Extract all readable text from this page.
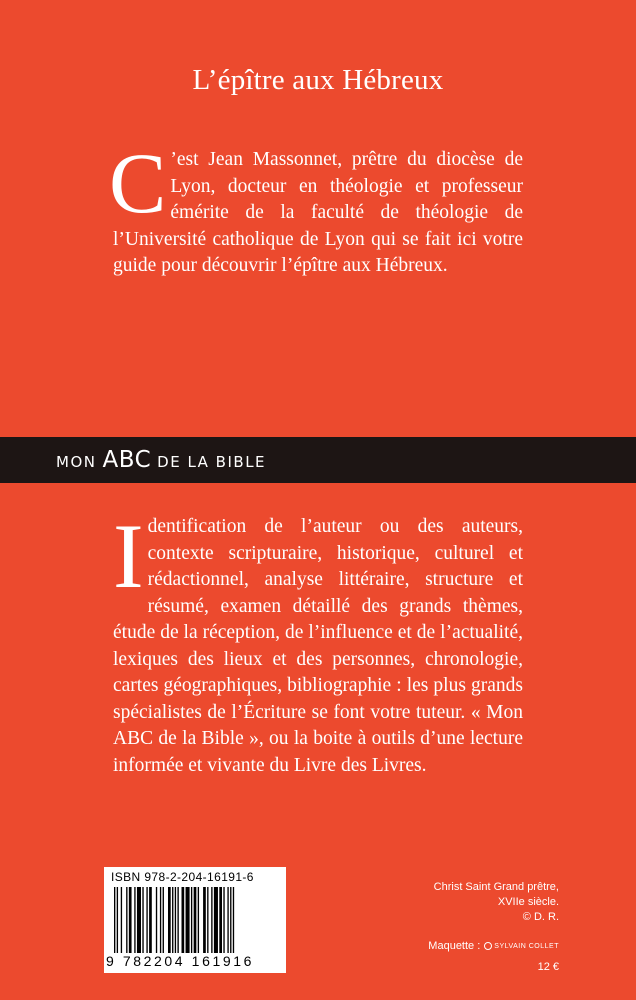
L’épître aux Hébreux
C ’est Jean Massonnet, prêtre du diocèse de Lyon, docteur en théologie et professeur émérite de la faculté de théologie de l’Université catholique de Lyon qui se fait ici votre guide pour découvrir l’épître aux Hébreux.
MON ABC DE LA BIBLE
Identification de l’auteur ou des auteurs, contexte scripturaire, historique, culturel et rédactionnel, analyse littéraire, structure et résumé, examen détaillé des grands thèmes, étude de la réception, de l’influence et de l’actualité, lexiques des lieux et des personnes, chronologie, cartes géographiques, bibliographie : les plus grands spécialistes de l’Écriture se font votre tuteur. « Mon ABC de la Bible », ou la boite à outils d’une lecture informée et vivante du Livre des Livres.
ISBN 978-2-204-16191-6
9 782204 161916
Christ Saint Grand prêtre,
XVIIe siècle.
© D. R.
Maquette : SYLVAIN COLLET
12 €
